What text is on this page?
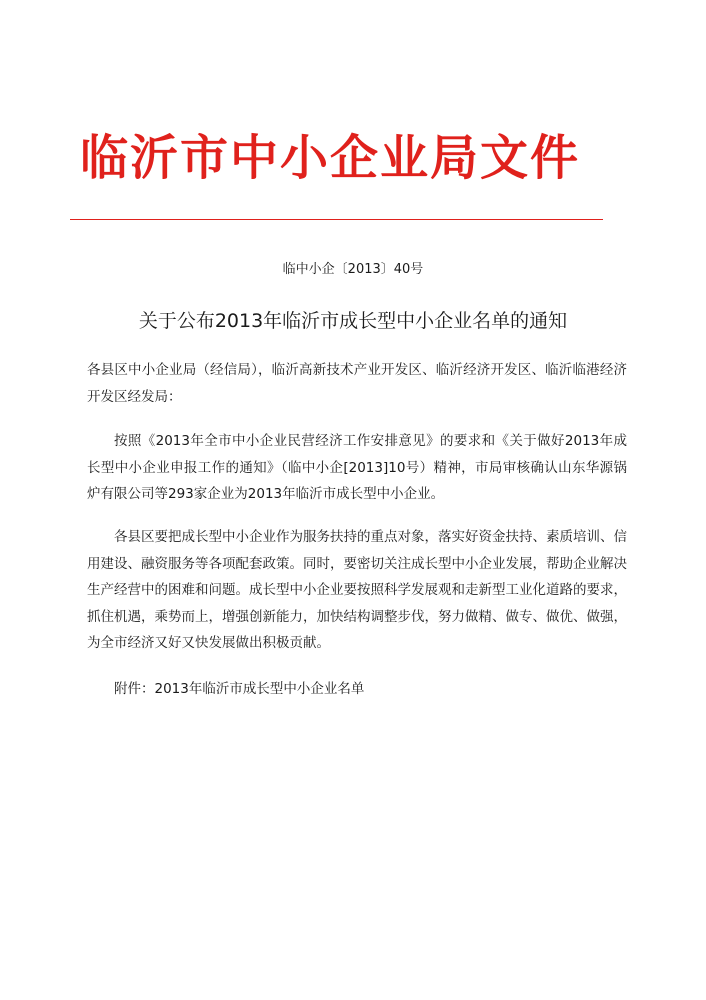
临沂市中小企业局文件
临中小企〔2013〕40号
关于公布2013年临沂市成长型中小企业名单的通知

各县区中小企业局（经信局），临沂高新技术产业开发区、临沂经济开发区、临沂临港经济开发区经发局：

按照《2013年全市中小企业民营经济工作安排意见》的要求和《关于做好2013年成长型中小企业申报工作的通知》（临中小企[2013]10号）精神，市局审核确认山东华源锅炉有限公司等293家企业为2013年临沂市成长型中小企业。

各县区要把成长型中小企业作为服务扶持的重点对象，落实好资金扶持、素质培训、信用建设、融资服务等各项配套政策。同时，要密切关注成长型中小企业发展，帮助企业解决生产经营中的困难和问题。成长型中小企业要按照科学发展观和走新型工业化道路的要求，抓住机遇，乘势而上，增强创新能力，加快结构调整步伐，努力做精、做专、做优、做强，为全市经济又好又快发展做出积极贡献。

附件：2013年临沂市成长型中小企业名单
